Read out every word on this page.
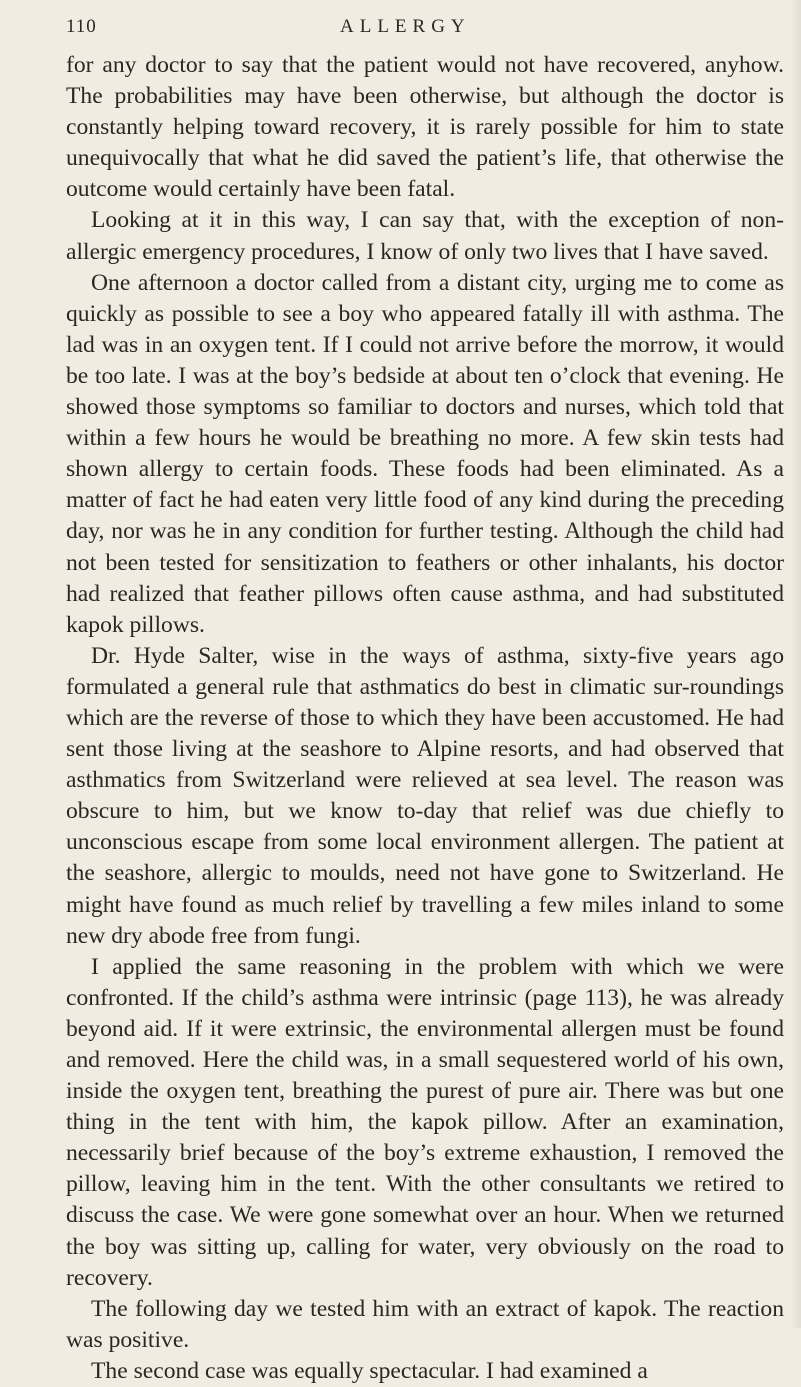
110	ALLERGY

for any doctor to say that the patient would not have recovered, anyhow. The probabilities may have been otherwise, but although the doctor is constantly helping toward recovery, it is rarely possible for him to state unequivocally that what he did saved the patient’s life, that otherwise the outcome would certainly have been fatal.

Looking at it in this way, I can say that, with the exception of non-allergic emergency procedures, I know of only two lives that I have saved.

One afternoon a doctor called from a distant city, urging me to come as quickly as possible to see a boy who appeared fatally ill with asthma. The lad was in an oxygen tent. If I could not arrive before the morrow, it would be too late. I was at the boy’s bedside at about ten o’clock that evening. He showed those symptoms so familiar to doctors and nurses, which told that within a few hours he would be breathing no more. A few skin tests had shown allergy to certain foods. These foods had been eliminated. As a matter of fact he had eaten very little food of any kind during the preceding day, nor was he in any condition for further testing. Although the child had not been tested for sensitization to feathers or other inhalants, his doctor had realized that feather pillows often cause asthma, and had substituted kapok pillows.

Dr. Hyde Salter, wise in the ways of asthma, sixty-five years ago formulated a general rule that asthmatics do best in climatic sur-roundings which are the reverse of those to which they have been accustomed. He had sent those living at the seashore to Alpine resorts, and had observed that asthmatics from Switzerland were relieved at sea level. The reason was obscure to him, but we know to-day that relief was due chiefly to unconscious escape from some local environment allergen. The patient at the seashore, allergic to moulds, need not have gone to Switzerland. He might have found as much relief by travelling a few miles inland to some new dry abode free from fungi.

I applied the same reasoning in the problem with which we were confronted. If the child’s asthma were intrinsic (page 113), he was already beyond aid. If it were extrinsic, the environmental allergen must be found and removed. Here the child was, in a small sequestered world of his own, inside the oxygen tent, breathing the purest of pure air. There was but one thing in the tent with him, the kapok pillow. After an examination, necessarily brief because of the boy’s extreme exhaustion, I removed the pillow, leaving him in the tent. With the other consultants we retired to discuss the case. We were gone somewhat over an hour. When we returned the boy was sitting up, calling for water, very obviously on the road to recovery.

The following day we tested him with an extract of kapok. The reaction was positive.

The second case was equally spectacular. I had examined a
